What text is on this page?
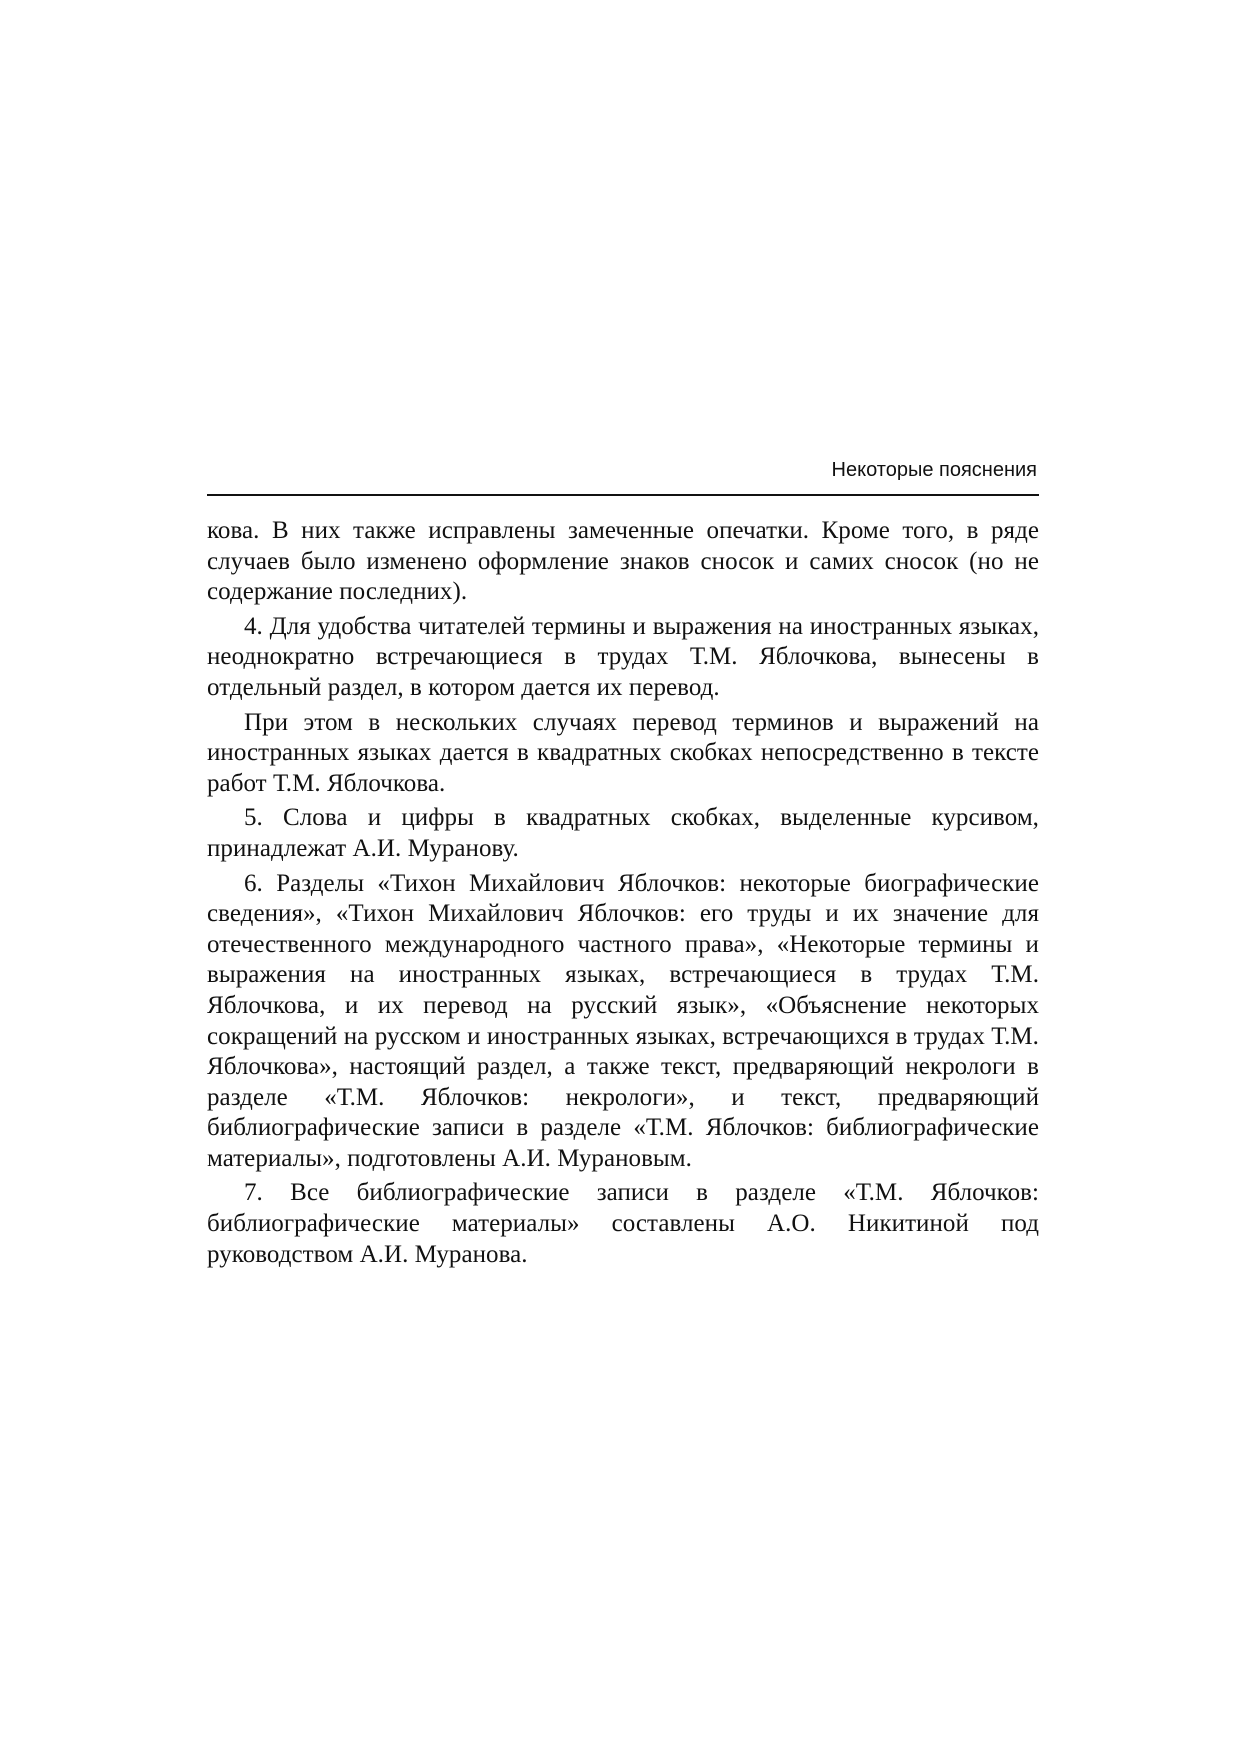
Некоторые пояснения

кова. В них также исправлены замеченные опечатки. Кроме того, в ряде случаев было изменено оформление знаков сносок и самих сносок (но не содержание последних).

4. Для удобства читателей термины и выражения на иностранных языках, неоднократно встречающиеся в трудах Т.М. Яблочкова, вынесены в отдельный раздел, в котором дается их перевод.

При этом в нескольких случаях перевод терминов и выражений на иностранных языках дается в квадратных скобках непосредственно в тексте работ Т.М. Яблочкова.

5. Слова и цифры в квадратных скобках, выделенные курсивом, принадлежат А.И. Муранову.

6. Разделы «Тихон Михайлович Яблочков: некоторые биографические сведения», «Тихон Михайлович Яблочков: его труды и их значение для отечественного международного частного права», «Некоторые термины и выражения на иностранных языках, встречающиеся в трудах Т.М. Яблочкова, и их перевод на русский язык», «Объяснение некоторых сокращений на русском и иностранных языках, встречающихся в трудах Т.М. Яблочкова», настоящий раздел, а также текст, предваряющий некрологи в разделе «Т.М. Яблочков: некрологи», и текст, предваряющий библиографические записи в разделе «Т.М. Яблочков: библиографические материалы», подготовлены А.И. Мурановым.

7. Все библиографические записи в разделе «Т.М. Яблочков: библиографические материалы» составлены А.О. Никитиной под руководством А.И. Муранова.
